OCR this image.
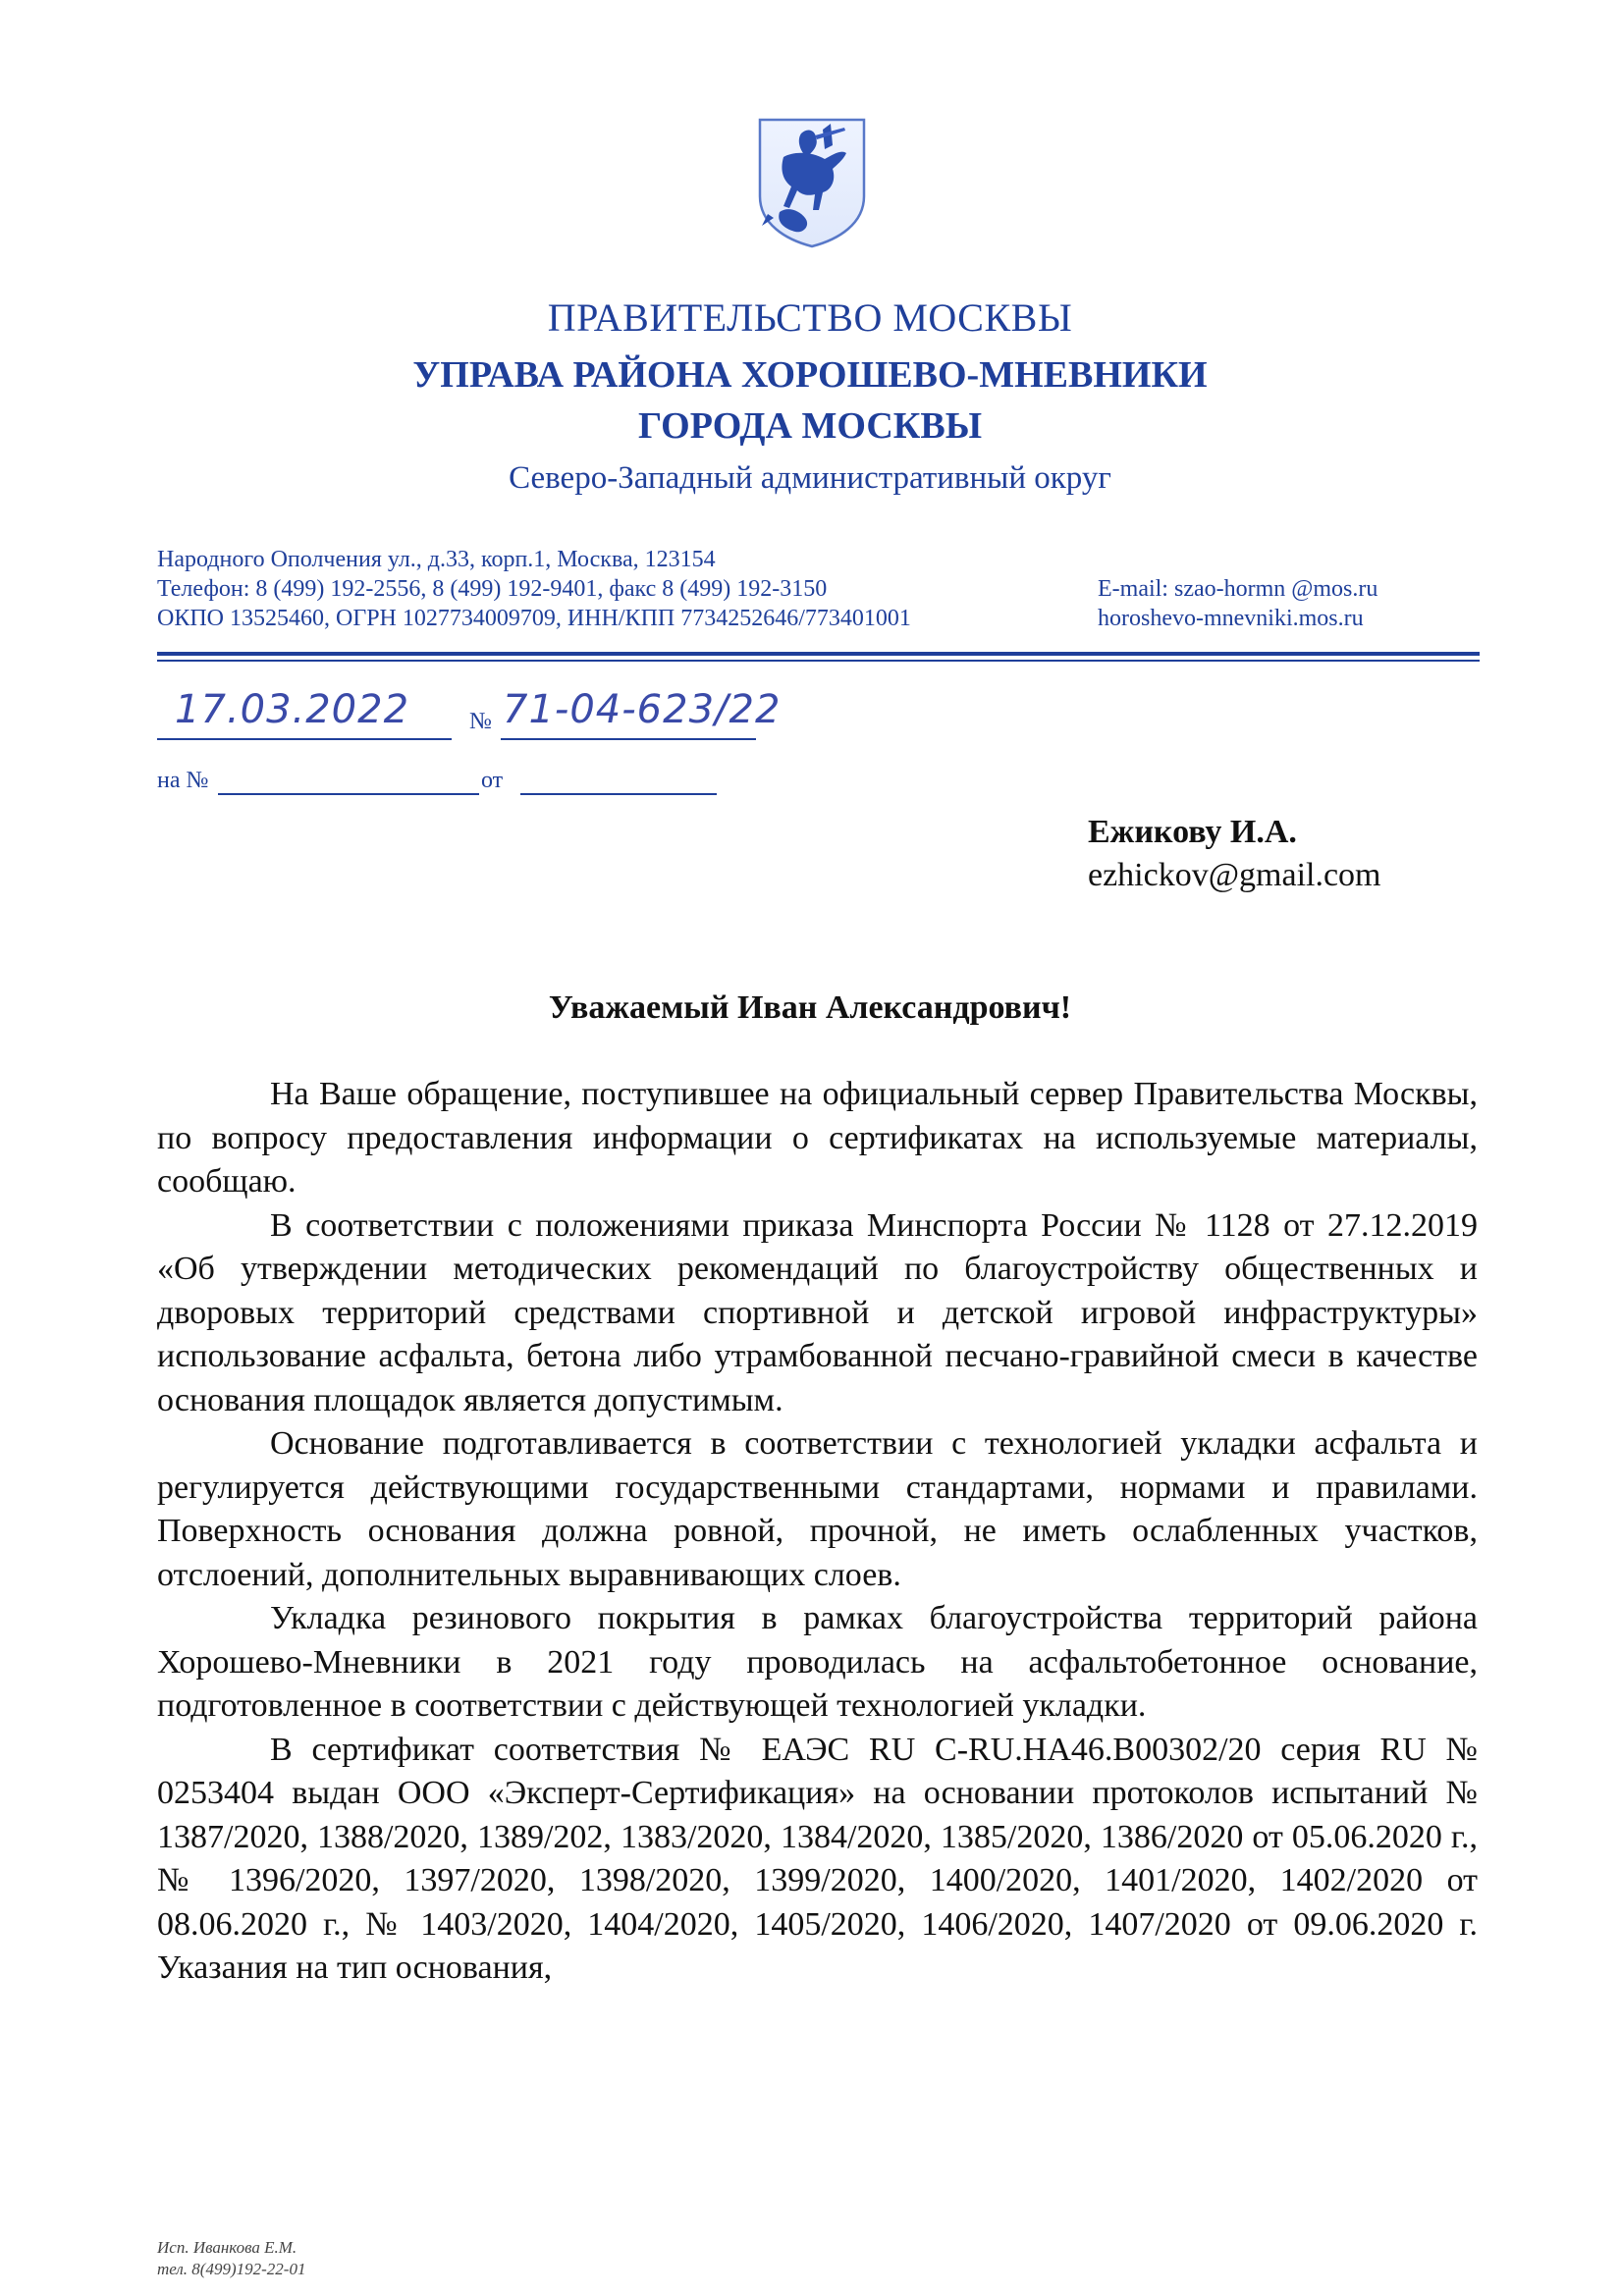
ПРАВИТЕЛЬСТВО МОСКВЫ
УПРАВА РАЙОНА ХОРОШЕВО-МНЕВНИКИ
ГОРОДА МОСКВЫ
Северо-Западный административный округ
Народного Ополчения ул., д.33, корп.1, Москва, 123154
Телефон: 8 (499) 192-2556, 8 (499) 192-9401, факс 8 (499) 192-3150
ОКПО 13525460, ОГРН 1027734009709, ИНН/КПП 7734252646/773401001
E-mail: szao-hormn @mos.ru
horoshevo-mnevniki.mos.ru
17.03.2022	№ 71-04-623/22
на №	от
Ежикову И.А.
ezhickov@gmail.com
Уважаемый Иван Александрович!

На Ваше обращение, поступившее на официальный сервер Правительства Москвы, по вопросу предоставления информации о сертификатах на используемые материалы, сообщаю.

В соответствии с положениями приказа Минспорта России № 1128 от 27.12.2019 «Об утверждении методических рекомендаций по благоустройству общественных и дворовых территорий средствами спортивной и детской игровой инфраструктуры» использование асфальта, бетона либо утрамбованной песчано-гравийной смеси в качестве основания площадок является допустимым.

Основание подготавливается в соответствии с технологией укладки асфальта и регулируется действующими государственными стандартами, нормами и правилами. Поверхность основания должна ровной, прочной, не иметь ослабленных участков, отслоений, дополнительных выравнивающих слоев.

Укладка резинового покрытия в рамках благоустройства территорий района Хорошево-Мневники в 2021 году проводилась на асфальтобетонное основание, подготовленное в соответствии с действующей технологией укладки.

В сертификат соответствия № ЕАЭС RU С-RU.НА46.В00302/20 серия RU № 0253404 выдан ООО «Эксперт-Сертификация» на основании протоколов испытаний № 1387/2020, 1388/2020, 1389/202, 1383/2020, 1384/2020, 1385/2020, 1386/2020 от 05.06.2020 г., № 1396/2020, 1397/2020, 1398/2020, 1399/2020, 1400/2020, 1401/2020, 1402/2020 от 08.06.2020 г., № 1403/2020, 1404/2020, 1405/2020, 1406/2020, 1407/2020 от 09.06.2020 г. Указания на тип основания,

Исп. Иванкова Е.М.
тел. 8(499)192-22-01
